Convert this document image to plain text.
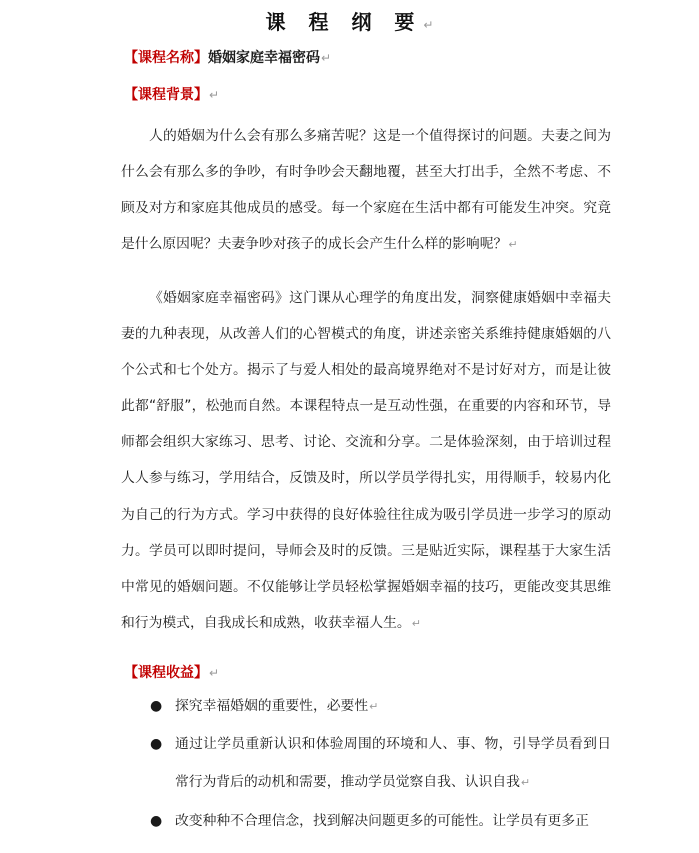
课 程 纲 要↵
【课程名称】婚姻家庭幸福密码↵
【课程背景】↵

人的婚姻为什么会有那么多痛苦呢？这是一个值得探讨的问题。夫妻之间为什么会有那么多的争吵，有时争吵会天翻地覆，甚至大打出手，全然不考虑、不顾及对方和家庭其他成员的感受。每一个家庭在生活中都有可能发生冲突。究竟是什么原因呢？夫妻争吵对孩子的成长会产生什么样的影响呢？↵

《婚姻家庭幸福密码》这门课从心理学的角度出发，洞察健康婚姻中幸福夫妻的九种表现，从改善人们的心智模式的角度，讲述亲密关系维持健康婚姻的八个公式和七个处方。揭示了与爱人相处的最高境界绝对不是讨好对方，而是让彼此都“舒服”，松弛而自然。本课程特点一是互动性强，在重要的内容和环节，导师都会组织大家练习、思考、讨论、交流和分享。二是体验深刻，由于培训过程人人参与练习，学用结合，反馈及时，所以学员学得扎实，用得顺手，较易内化为自己的行为方式。学习中获得的良好体验往往成为吸引学员进一步学习的原动力。学员可以即时提问，导师会及时的反馈。三是贴近实际，课程基于大家生活中常见的婚姻问题。不仅能够让学员轻松掌握婚姻幸福的技巧，更能改变其思维和行为模式，自我成长和成熟，收获幸福人生。↵

【课程收益】↵
● 探究幸福婚姻的重要性，必要性↵

● 通过让学员重新认识和体验周围的环境和人、事、物，引导学员看到日常行为背后的动机和需要，推动学员觉察自我、认识自我↵

● 改变种种不合理信念，找到解决问题更多的可能性。让学员有更多正
